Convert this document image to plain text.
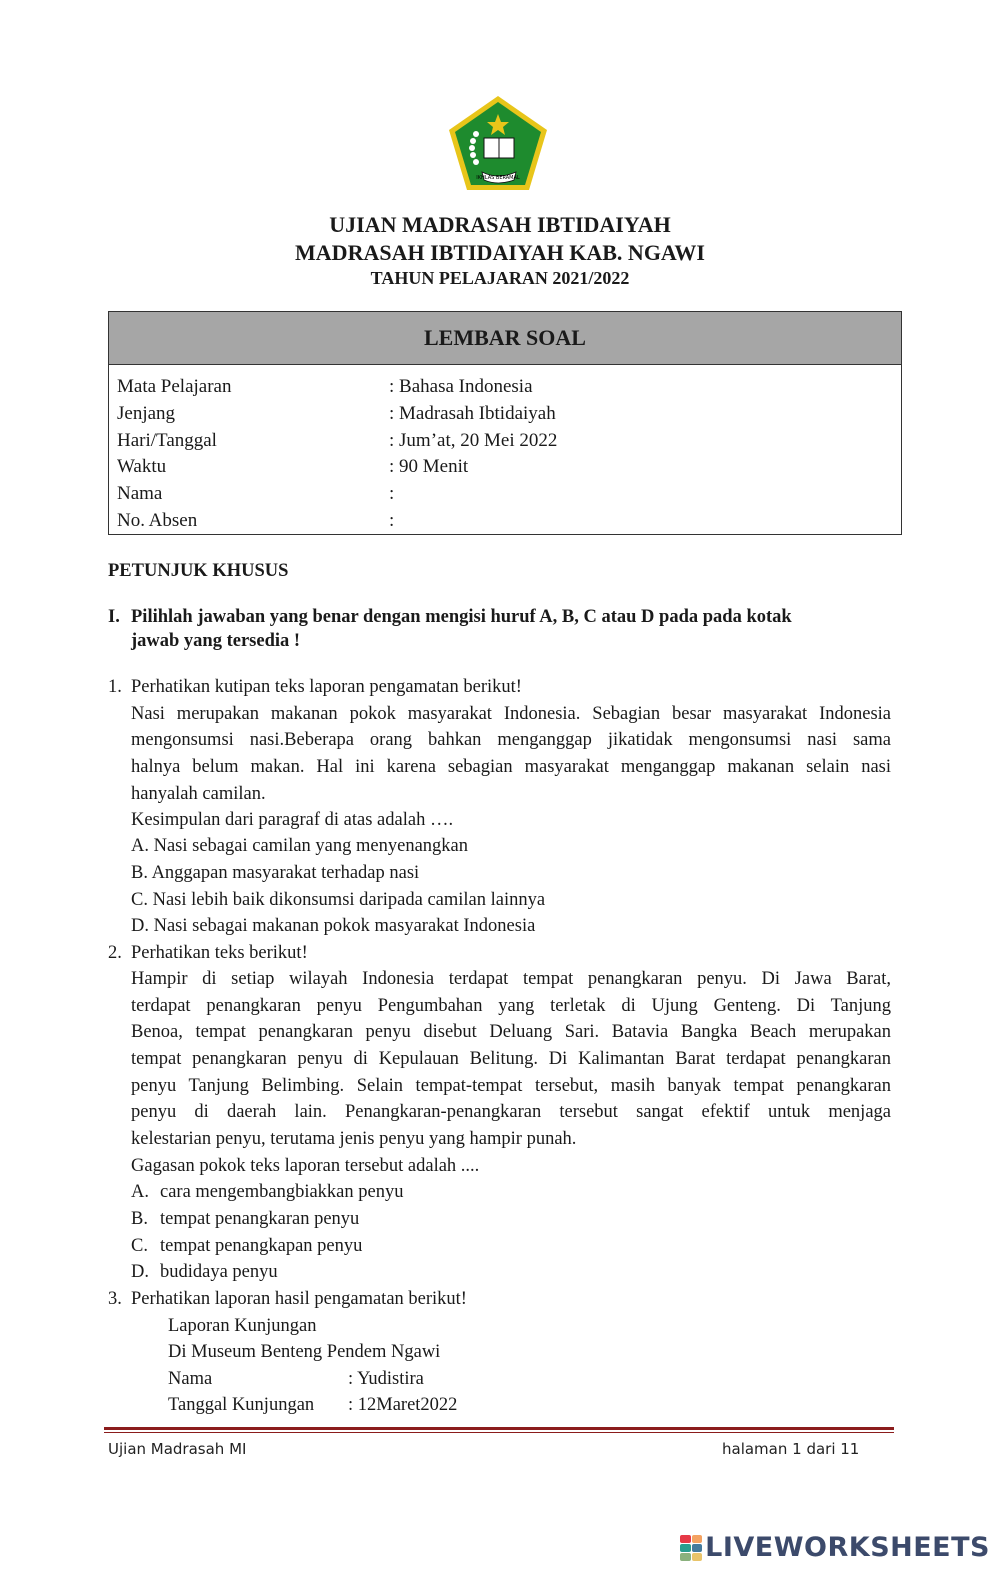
IKHLAS BERAMAL
UJIAN MADRASAH IBTIDAIYAH
MADRASAH IBTIDAIYAH KAB. NGAWI
TAHUN PELAJARAN 2021/2022
LEMBAR SOAL
Mata Pelajaran	: Bahasa Indonesia
Jenjang	: Madrasah Ibtidaiyah
Hari/Tanggal	: Jum’at, 20 Mei 2022
Waktu	: 90 Menit
Nama	:
No. Absen	:
PETUNJUK KHUSUS
I. Pilihlah jawaban yang benar dengan mengisi huruf A, B, C atau D pada pada kotak
jawab yang tersedia !
1. Perhatikan kutipan teks laporan pengamatan berikut!
Nasi merupakan makanan pokok masyarakat Indonesia. Sebagian besar masyarakat Indonesia
mengonsumsi nasi.Beberapa orang bahkan menganggap jikatidak mengonsumsi nasi sama
halnya belum makan. Hal ini karena sebagian masyarakat menganggap makanan selain nasi
hanyalah camilan.
Kesimpulan dari paragraf di atas adalah ….
A. Nasi sebagai camilan yang menyenangkan
B. Anggapan masyarakat terhadap nasi
C. Nasi lebih baik dikonsumsi daripada camilan lainnya
D. Nasi sebagai makanan pokok masyarakat Indonesia
2. Perhatikan teks berikut!
Hampir di setiap wilayah Indonesia terdapat tempat penangkaran penyu. Di Jawa Barat,
terdapat penangkaran penyu Pengumbahan yang terletak di Ujung Genteng. Di Tanjung
Benoa, tempat penangkaran penyu disebut Deluang Sari. Batavia Bangka Beach merupakan
tempat penangkaran penyu di Kepulauan Belitung. Di Kalimantan Barat terdapat penangkaran
penyu Tanjung Belimbing. Selain tempat-tempat tersebut, masih banyak tempat penangkaran
penyu di daerah lain. Penangkaran-penangkaran tersebut sangat efektif untuk menjaga
kelestarian penyu, terutama jenis penyu yang hampir punah.
Gagasan pokok teks laporan tersebut adalah ....
A. cara mengembangbiakkan penyu
B. tempat penangkaran penyu
C. tempat penangkapan penyu
D. budidaya penyu
3. Perhatikan laporan hasil pengamatan berikut!
Laporan Kunjungan
Di Museum Benteng Pendem Ngawi
Nama	: Yudistira
Tanggal Kunjungan : 12Maret2022
Ujian Madrasah MI	halaman 1 dari 11
LIVEWORKSHEETS
